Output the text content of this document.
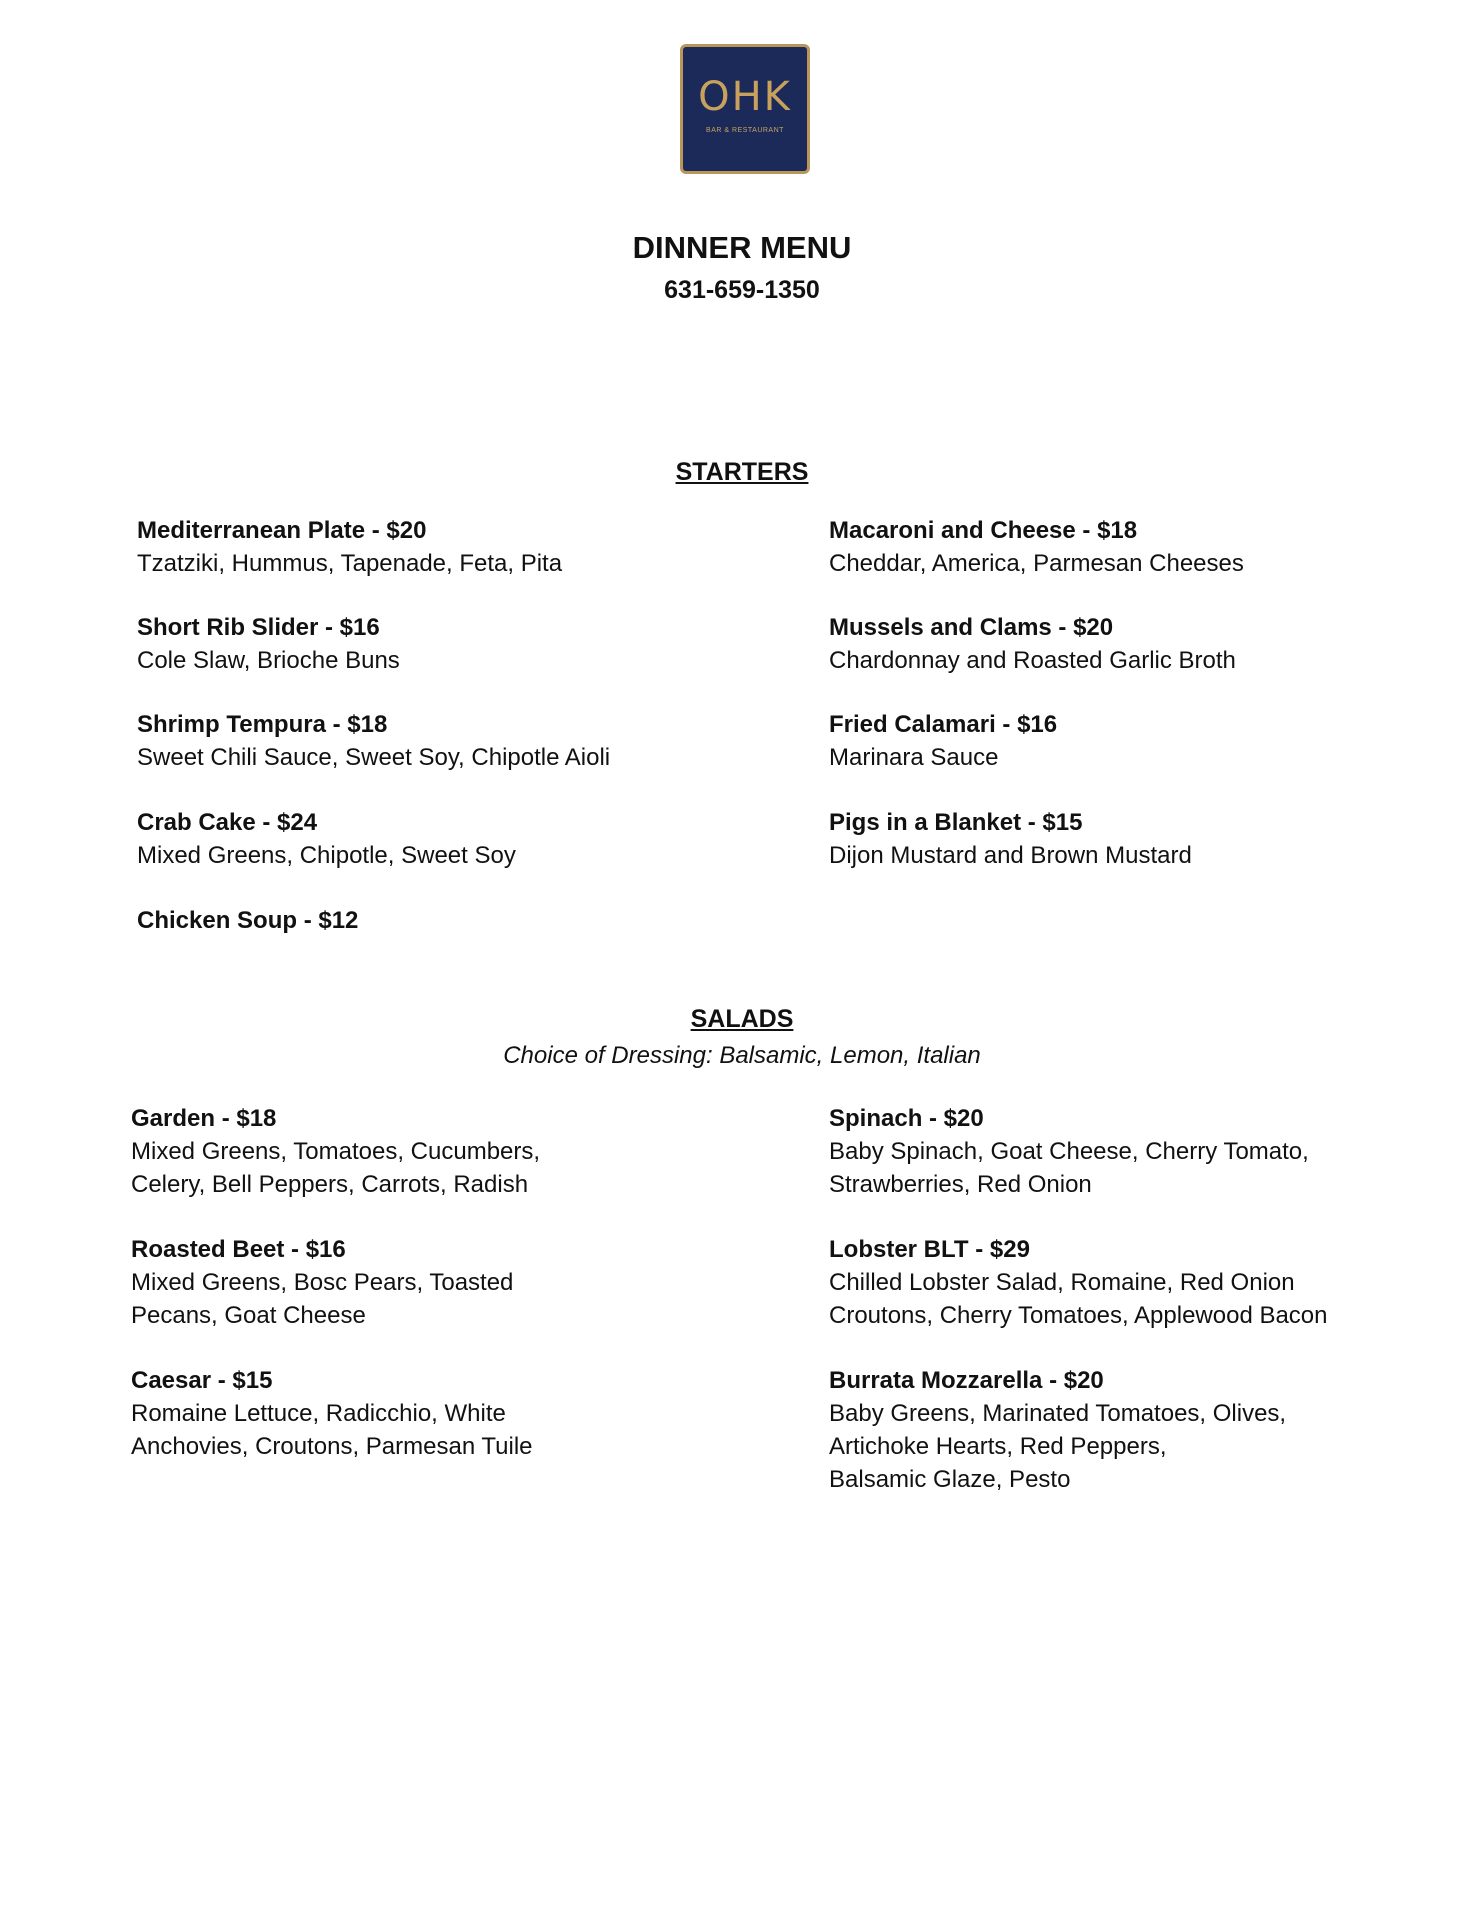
OHK
BAR & RESTAURANT
DINNER MENU
631-659-1350
STARTERS
Mediterranean Plate - $20
Tzatziki, Hummus, Tapenade, Feta, Pita
Short Rib Slider - $16
Cole Slaw, Brioche Buns
Shrimp Tempura - $18
Sweet Chili Sauce, Sweet Soy, Chipotle Aioli
Crab Cake - $24
Mixed Greens, Chipotle, Sweet Soy
Chicken Soup - $12
Macaroni and Cheese - $18
Cheddar, America, Parmesan Cheeses
Mussels and Clams - $20
Chardonnay and Roasted Garlic Broth
Fried Calamari - $16
Marinara Sauce
Pigs in a Blanket - $15
Dijon Mustard and Brown Mustard
SALADS
Choice of Dressing: Balsamic, Lemon, Italian
Garden - $18
Mixed Greens, Tomatoes, Cucumbers,
Celery, Bell Peppers, Carrots, Radish
Roasted Beet - $16
Mixed Greens, Bosc Pears, Toasted
Pecans, Goat Cheese
Caesar - $15
Romaine Lettuce, Radicchio, White
Anchovies, Croutons, Parmesan Tuile
Spinach - $20
Baby Spinach, Goat Cheese, Cherry Tomato,
Strawberries, Red Onion
Lobster BLT - $29
Chilled Lobster Salad, Romaine, Red Onion
Croutons, Cherry Tomatoes, Applewood Bacon
Burrata Mozzarella - $20
Baby Greens, Marinated Tomatoes, Olives,
Artichoke Hearts, Red Peppers,
Balsamic Glaze, Pesto
